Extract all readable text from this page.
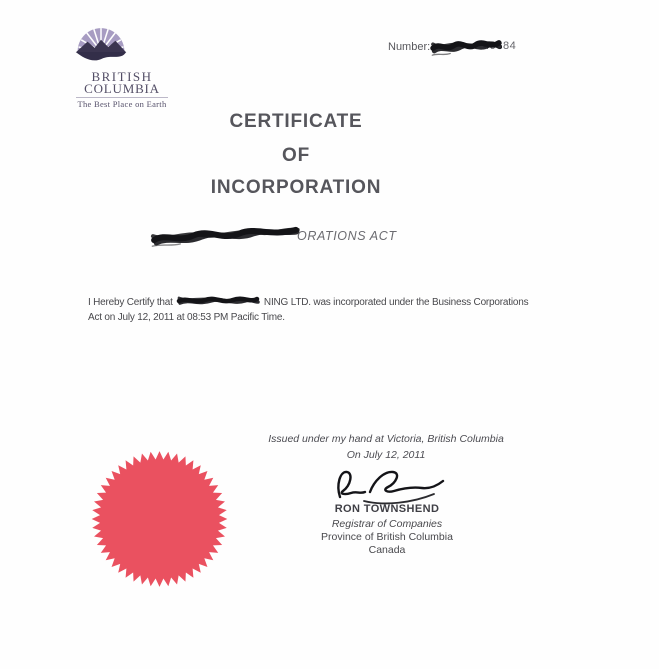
BRITISH
COLUMBIA
The Best Place on Earth
Number:	49384
CERTIFICATE
OF
INCORPORATION
ORATIONS ACT
I Hereby Certify that	NING LTD. was incorporated under the Business Corporations Act on July 12, 2011 at 08:53 PM Pacific Time.
Issued under my hand at Victoria, British Columbia
On July 12, 2011
RON TOWNSHEND
Registrar of Companies
Province of British Columbia
Canada
